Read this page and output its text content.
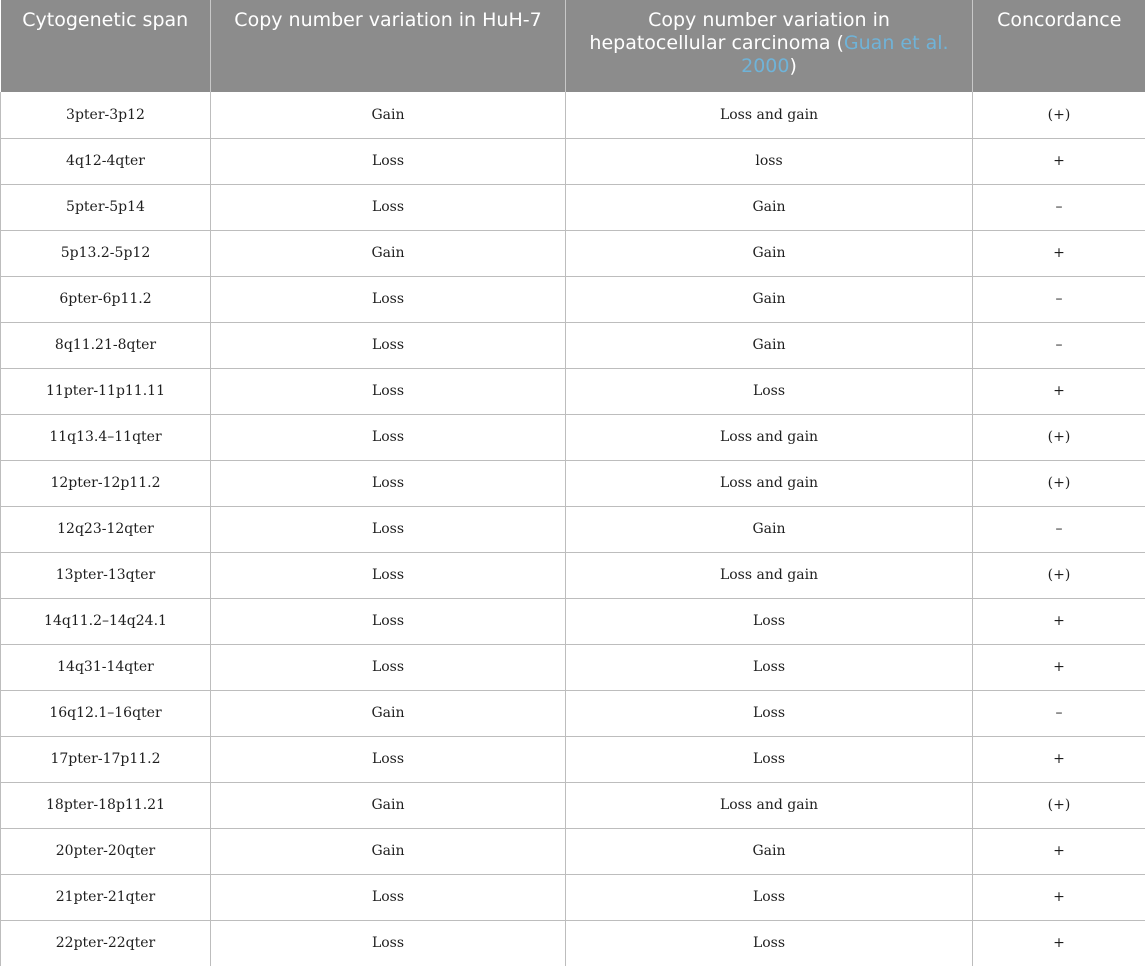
Cytogenetic span	Copy number variation in HuH-7	Copy number variation in hepatocellular carcinoma (Guan et al. 2000)	Concordance
3pter-3p12	Gain	Loss and gain	(+)
4q12-4qter	Loss	loss	+
5pter-5p14	Loss	Gain	–
5p13.2-5p12	Gain	Gain	+
6pter-6p11.2	Loss	Gain	–
8q11.21-8qter	Loss	Gain	–
11pter-11p11.11	Loss	Loss	+
11q13.4–11qter	Loss	Loss and gain	(+)
12pter-12p11.2	Loss	Loss and gain	(+)
12q23-12qter	Loss	Gain	–
13pter-13qter	Loss	Loss and gain	(+)
14q11.2–14q24.1	Loss	Loss	+
14q31-14qter	Loss	Loss	+
16q12.1–16qter	Gain	Loss	–
17pter-17p11.2	Loss	Loss	+
18pter-18p11.21	Gain	Loss and gain	(+)
20pter-20qter	Gain	Gain	+
21pter-21qter	Loss	Loss	+
22pter-22qter	Loss	Loss	+
